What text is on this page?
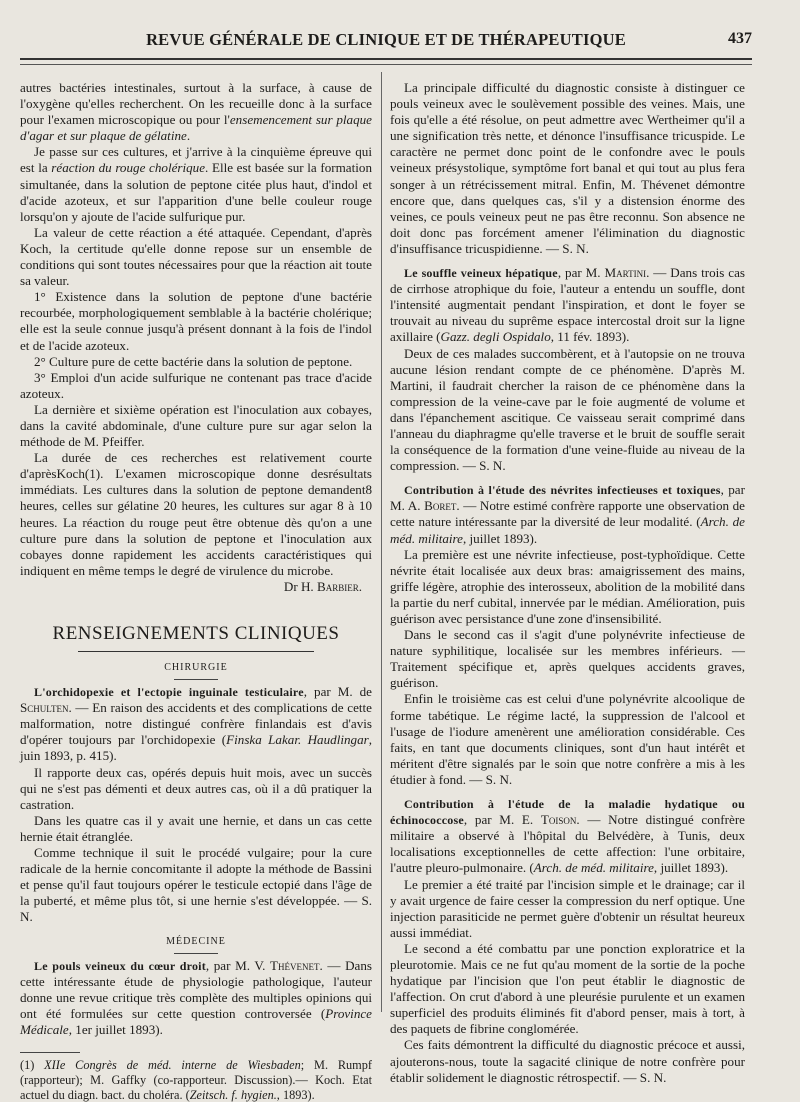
REVUE GÉNÉRALE DE CLINIQUE ET DE THÉRAPEUTIQUE	437

autres bactéries intestinales, surtout à la surface, à cause de l'oxygène qu'elles recherchent. On les recueille donc à la surface pour l'examen microscopique ou pour l'ensemencement sur plaque d'agar et sur plaque de gélatine.

Je passe sur ces cultures, et j'arrive à la cinquième épreuve qui est la réaction du rouge cholérique. Elle est basée sur la formation simultanée, dans la solution de peptone citée plus haut, d'indol et d'acide azoteux, et sur l'apparition d'une belle couleur rouge lorsqu'on y ajoute de l'acide sulfurique pur.

La valeur de cette réaction a été attaquée. Cependant, d'après Koch, la certitude qu'elle donne repose sur un ensemble de conditions qui sont toutes nécessaires pour que la réaction ait toute sa valeur.

1° Existence dans la solution de peptone d'une bactérie recourbée, morphologiquement semblable à la bactérie cholérique; elle est la seule connue jusqu'à présent donnant à la fois de l'indol et de l'acide azoteux.

2° Culture pure de cette bactérie dans la solution de peptone.

3° Emploi d'un acide sulfurique ne contenant pas trace d'acide azoteux.

La dernière et sixième opération est l'inoculation aux cobayes, dans la cavité abdominale, d'une culture pure sur agar selon la méthode de M. Pfeiffer.

La durée de ces recherches est relativement courte d'aprèsKoch(1). L'examen microscopique donne desrésultats immédiats. Les cultures dans la solution de peptone demandent8 heures, celles sur gélatine 20 heures, les cultures sur agar 8 à 10 heures. La réaction du rouge peut être obtenue dès qu'on a une culture pure dans la solution de peptone et l'inoculation aux cobayes donne rapidement les accidents caractéristiques qui indiquent en même temps le degré de virulence du microbe.

Dr H. Barbier.

RENSEIGNEMENTS CLINIQUES
CHIRURGIE

L'orchidopexie et l'ectopie inguinale testiculaire, par M. de Schulten. — En raison des accidents et des complications de cette malformation, notre distingué confrère finlandais est d'avis d'opérer toujours par l'orchidopexie (Finska Lakar. Haudlingar, juin 1893, p. 415).

Il rapporte deux cas, opérés depuis huit mois, avec un succès qui ne s'est pas démenti et deux autres cas, où il a dû pratiquer la castration.

Dans les quatre cas il y avait une hernie, et dans un cas cette hernie était étranglée.

Comme technique il suit le procédé vulgaire; pour la cure radicale de la hernie concomitante il adopte la méthode de Bassini et pense qu'il faut toujours opérer le testicule ectopié dans l'âge de la puberté, et même plus tôt, si une hernie s'est développée. — S. N.

MÉDECINE

Le pouls veineux du cœur droit, par M. V. Thévenet. — Dans cette intéressante étude de physiologie pathologique, l'auteur donne une revue critique très complète des multiples opinions qui ont été formulées sur cette question controversée (Province Médicale, 1er juillet 1893).

(1) XIIe Congrès de méd. interne de Wiesbaden; M. Rumpf (rapporteur); M. Gaffky (co-rapporteur. Discussion).— Koch. Etat actuel du diagn. bact. du choléra. (Zeitsch. f. hygien., 1893).

La principale difficulté du diagnostic consiste à distinguer ce pouls veineux avec le soulèvement possible des veines. Mais, une fois qu'elle a été résolue, on peut admettre avec Wertheimer qu'il a une signification très nette, et dénonce l'insuffisance tricuspide. Le caractère ne permet donc point de le confondre avec le pouls veineux présystolique, symptôme fort banal et qui tout au plus fera songer à un rétrécissement mitral. Enfin, M. Thévenet démontre encore que, dans quelques cas, s'il y a distension énorme des veines, ce pouls veineux peut ne pas être reconnu. Son absence ne doit donc pas forcément amener l'élimination du diagnostic d'insuffisance tricuspidienne. — S. N.

Le souffle veineux hépatique, par M. Martini. — Dans trois cas de cirrhose atrophique du foie, l'auteur a entendu un souffle, dont l'intensité augmentait pendant l'inspiration, et dont le foyer se trouvait au niveau du suprême espace intercostal droit sur la ligne axillaire (Gazz. degli Ospidalo, 11 fév. 1893).

Deux de ces malades succombèrent, et à l'autopsie on ne trouva aucune lésion rendant compte de ce phénomène. D'après M. Martini, il faudrait chercher la raison de ce phénomène dans la compression de la veine-cave par le foie augmenté de volume et dans l'épanchement ascitique. Ce vaisseau serait comprimé dans l'anneau du diaphragme qu'elle traverse et le bruit de souffle serait la conséquence de la formation d'une veine-fluide au niveau de la compression. — S. N.

Contribution à l'étude des névrites infectieuses et toxiques, par M. A. Boret. — Notre estimé confrère rapporte une observation de cette nature intéressante par la diversité de leur modalité. (Arch. de méd. militaire, juillet 1893).

La première est une névrite infectieuse, post-typhoïdique. Cette névrite était localisée aux deux bras: amaigrissement des mains, griffe légère, atrophie des interosseux, abolition de la mobilité dans la partie du nerf cubital, innervée par le médian. Amélioration, puis guérison avec persistance d'une zone d'insensibilité.

Dans le second cas il s'agit d'une polynévrite infectieuse de nature syphilitique, localisée sur les membres inférieurs. — Traitement spécifique et, après quelques accidents graves, guérison.

Enfin le troisième cas est celui d'une polynévrite alcoolique de forme tabétique. Le régime lacté, la suppression de l'alcool et l'usage de l'iodure amenèrent une amélioration considérable. Ces faits, en tant que documents cliniques, sont d'un haut intérêt et méritent d'être signalés par le soin que notre confrère a mis à les étudier à fond. — S. N.

Contribution à l'étude de la maladie hydatique ou échinococcose, par M. E. Toison. — Notre distingué confrère militaire a observé à l'hôpital du Belvédère, à Tunis, deux localisations exceptionnelles de cette affection: l'une orbitaire, l'autre pleuro-pulmonaire. (Arch. de méd. militaire, juillet 1893).

Le premier a été traité par l'incision simple et le drainage; car il y avait urgence de faire cesser la compression du nerf optique. Une injection parasiticide ne permet guère d'obtenir un résultat heureux aussi immédiat.

Le second a été combattu par une ponction exploratrice et la pleurotomie. Mais ce ne fut qu'au moment de la sortie de la poche hydatique par l'incision que l'on peut établir le diagnostic de l'affection. On crut d'abord à une pleurésie purulente et un examen superficiel des produits éliminés fit d'abord penser, mais à tort, à des paquets de fibrine conglomérée.

Ces faits démontrent la difficulté du diagnostic précoce et aussi, ajouterons-nous, toute la sagacité clinique de notre confrère pour établir solidement le diagnostic rétrospectif. — S. N.
